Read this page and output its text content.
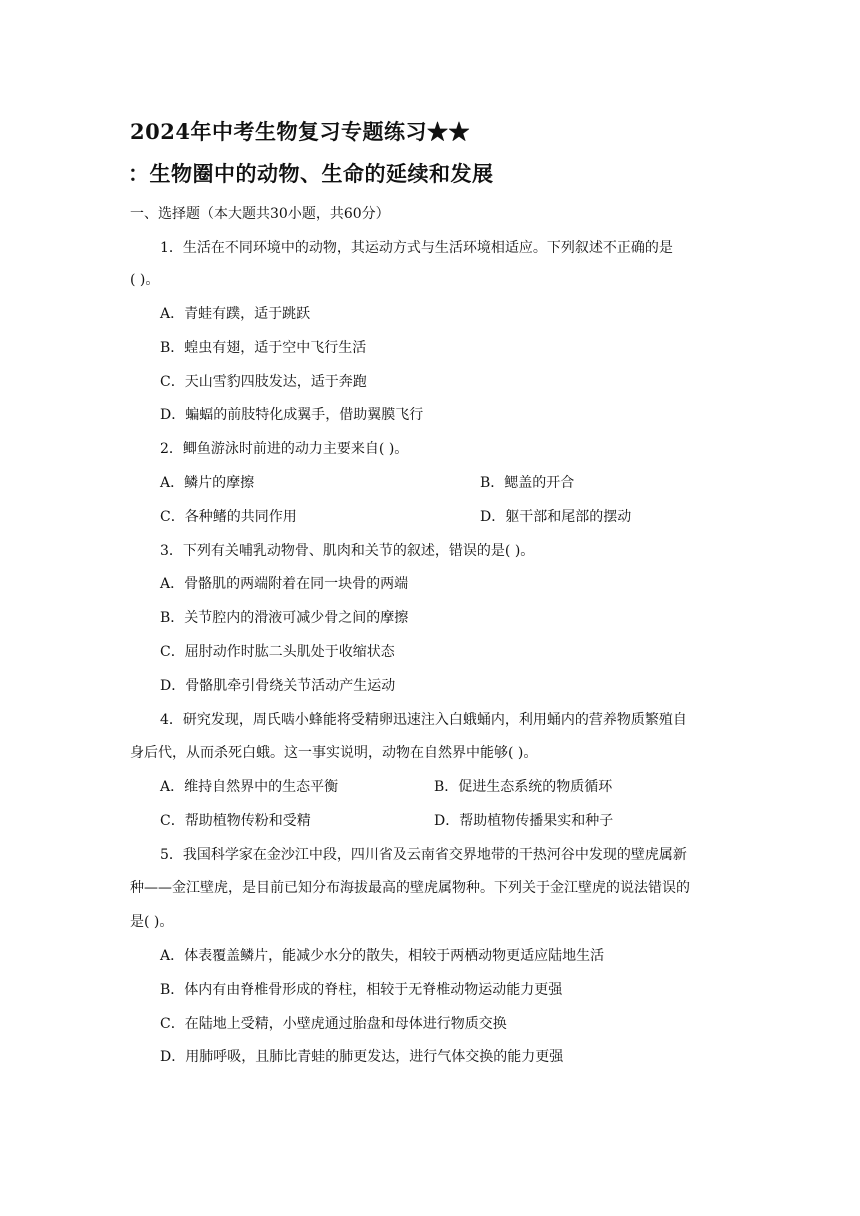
2024年中考生物复习专题练习★★
：生物圈中的动物、生命的延续和发展
一、选择题（本大题共30小题，共60分）
1．生活在不同环境中的动物，其运动方式与生活环境相适应。下列叙述不正确的是
( )。
A．青蛙有蹼，适于跳跃
B．蝗虫有翅，适于空中飞行生活
C．天山雪豹四肢发达，适于奔跑
D．蝙蝠的前肢特化成翼手，借助翼膜飞行
2．鲫鱼游泳时前进的动力主要来自( )。
A．鳞片的摩擦	B．鳃盖的开合
C．各种鳍的共同作用	D．躯干部和尾部的摆动
3．下列有关哺乳动物骨、肌肉和关节的叙述，错误的是( )。
A．骨骼肌的两端附着在同一块骨的两端
B．关节腔内的滑液可减少骨之间的摩擦
C．屈肘动作时肱二头肌处于收缩状态
D．骨骼肌牵引骨绕关节活动产生运动
4．研究发现，周氏啮小蜂能将受精卵迅速注入白蛾蛹内，利用蛹内的营养物质繁殖自
身后代，从而杀死白蛾。这一事实说明，动物在自然界中能够( )。
A．维持自然界中的生态平衡	B．促进生态系统的物质循环
C．帮助植物传粉和受精	D．帮助植物传播果实和种子
5．我国科学家在金沙江中段，四川省及云南省交界地带的干热河谷中发现的壁虎属新
种——金江壁虎，是目前已知分布海拔最高的壁虎属物种。下列关于金江壁虎的说法错误的
是( )。
A．体表覆盖鳞片，能减少水分的散失，相较于两栖动物更适应陆地生活
B．体内有由脊椎骨形成的脊柱，相较于无脊椎动物运动能力更强
C．在陆地上受精，小壁虎通过胎盘和母体进行物质交换
D．用肺呼吸，且肺比青蛙的肺更发达，进行气体交换的能力更强
